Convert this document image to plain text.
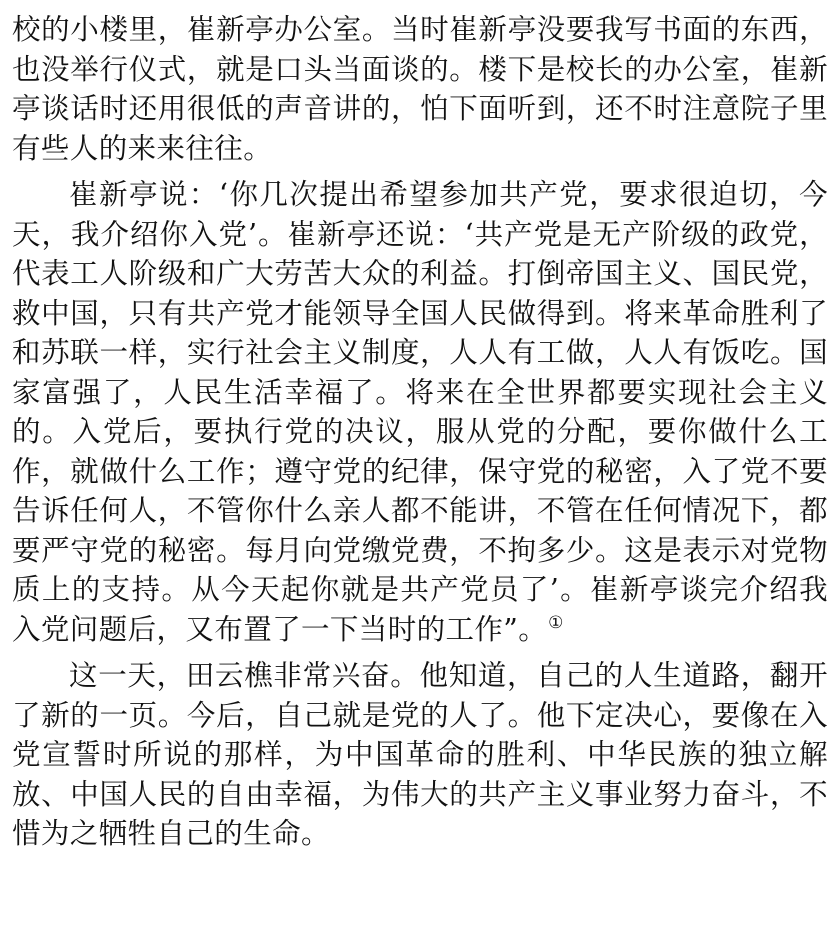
校的小楼里，崔新亭办公室。当时崔新亭没要我写书面的东西，也没举行仪式，就是口头当面谈的。楼下是校长的办公室，崔新亭谈话时还用很低的声音讲的，怕下面听到，还不时注意院子里有些人的来来往往。

崔新亭说：‘你几次提出希望参加共产党，要求很迫切，今天，我介绍你入党’。崔新亭还说：‘共产党是无产阶级的政党，代表工人阶级和广大劳苦大众的利益。打倒帝国主义、国民党，救中国，只有共产党才能领导全国人民做得到。将来革命胜利了和苏联一样，实行社会主义制度，人人有工做，人人有饭吃。国家富强了，人民生活幸福了。将来在全世界都要实现社会主义的。入党后，要执行党的决议，服从党的分配，要你做什么工作，就做什么工作；遵守党的纪律，保守党的秘密，入了党不要告诉任何人，不管你什么亲人都不能讲，不管在任何情况下，都要严守党的秘密。每月向党缴党费，不拘多少。这是表示对党物质上的支持。从今天起你就是共产党员了’。崔新亭谈完介绍我入党问题后，又布置了一下当时的工作”。①

这一天，田云樵非常兴奋。他知道，自己的人生道路，翻开了新的一页。今后，自己就是党的人了。他下定决心，要像在入党宣誓时所说的那样，为中国革命的胜利、中华民族的独立解放、中国人民的自由幸福，为伟大的共产主义事业努力奋斗，不惜为之牺牲自己的生命。
